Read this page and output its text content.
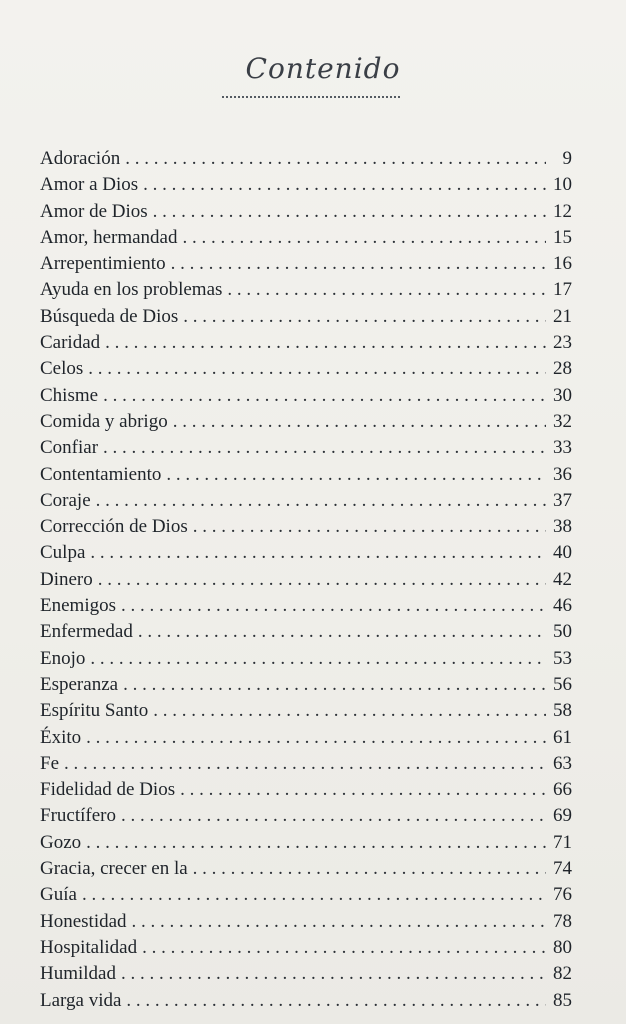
Contenido
Adoración . . .	9
Amor a Dios . . .	10
Amor de Dios . . .	12
Amor, hermandad . . .	15
Arrepentimiento . . .	16
Ayuda en los problemas . . .	17
Búsqueda de Dios . . .	21
Caridad . . .	23
Celos . . .	28
Chisme . . .	30
Comida y abrigo . . .	32
Confiar . . .	33
Contentamiento . . .	36
Coraje . . .	37
Corrección de Dios . . .	38
Culpa . . .	40
Dinero . . .	42
Enemigos . . .	46
Enfermedad . . .	50
Enojo . . .	53
Esperanza . . .	56
Espíritu Santo . . .	58
Éxito . . .	61
Fe . . .	63
Fidelidad de Dios . . .	66
Fructífero . . .	69
Gozo . . .	71
Gracia, crecer en la . . .	74
Guía . . .	76
Honestidad . . .	78
Hospitalidad . . .	80
Humildad . . .	82
Larga vida . . .	85
